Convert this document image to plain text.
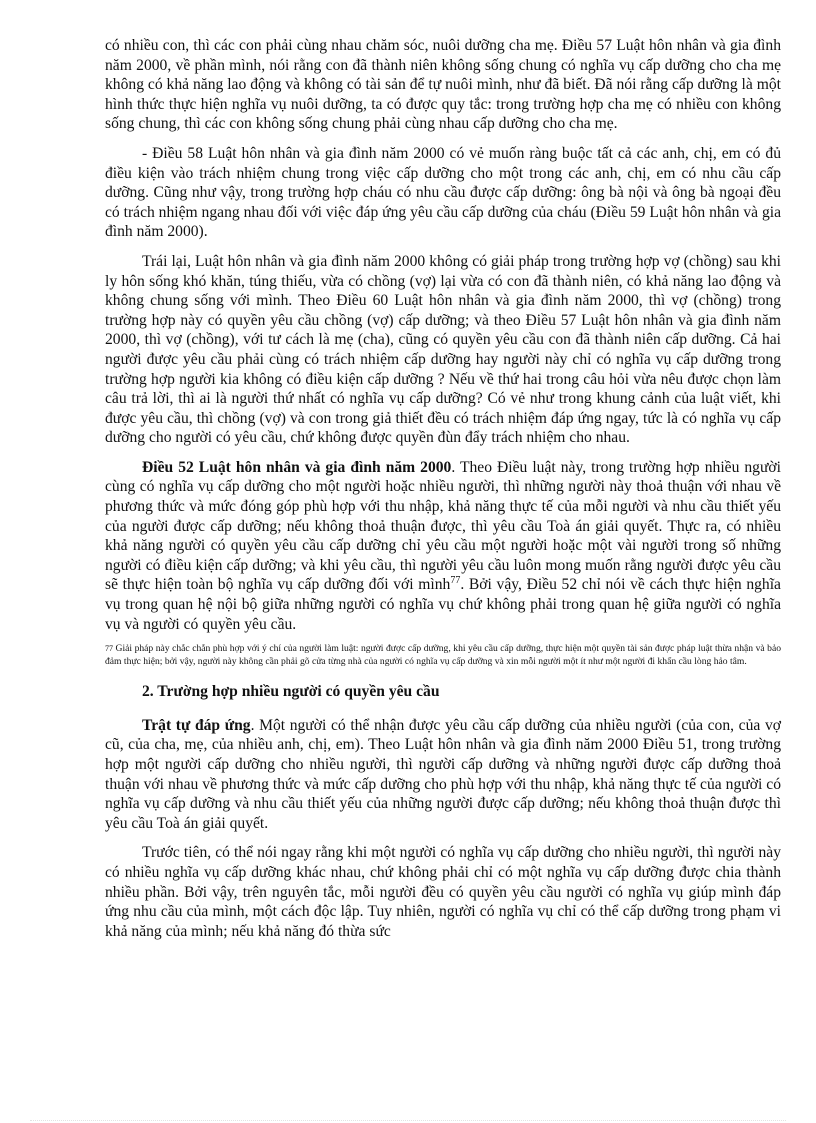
có nhiều con, thì các con phải cùng nhau chăm sóc, nuôi dưỡng cha mẹ. Điều 57 Luật hôn nhân và gia đình năm 2000, về phần mình, nói rằng con đã thành niên không sống chung có nghĩa vụ cấp dưỡng cho cha mẹ không có khả năng lao động và không có tài sản để tự nuôi mình, như đã biết. Đã nói rằng cấp dưỡng là một hình thức thực hiện nghĩa vụ nuôi dưỡng, ta có được quy tắc: trong trường hợp cha mẹ có nhiều con không sống chung, thì các con không sống chung phải cùng nhau cấp dưỡng cho cha mẹ.

- Điều 58 Luật hôn nhân và gia đình năm 2000 có vẻ muốn ràng buộc tất cả các anh, chị, em có đủ điều kiện vào trách nhiệm chung trong việc cấp dưỡng cho một trong các anh, chị, em có nhu cầu cấp dưỡng. Cũng như vậy, trong trường hợp cháu có nhu cầu được cấp dưỡng: ông bà nội và ông bà ngoại đều có trách nhiệm ngang nhau đối với việc đáp ứng yêu cầu cấp dưỡng của cháu (Điều 59 Luật hôn nhân và gia đình năm 2000).

Trái lại, Luật hôn nhân và gia đình năm 2000 không có giải pháp trong trường hợp vợ (chồng) sau khi ly hôn sống khó khăn, túng thiếu, vừa có chồng (vợ) lại vừa có con đã thành niên, có khả năng lao động và không chung sống với mình. Theo Điều 60 Luật hôn nhân và gia đình năm 2000, thì vợ (chồng) trong trường hợp này có quyền yêu cầu chồng (vợ) cấp dưỡng; và theo Điều 57 Luật hôn nhân và gia đình năm 2000, thì vợ (chồng), với tư cách là mẹ (cha), cũng có quyền yêu cầu con đã thành niên cấp dưỡng. Cả hai người được yêu cầu phải cùng có trách nhiệm cấp dưỡng hay người này chỉ có nghĩa vụ cấp dưỡng trong trường hợp người kia không có điều kiện cấp dưỡng ? Nếu về thứ hai trong câu hỏi vừa nêu được chọn làm câu trả lời, thì ai là người thứ nhất có nghĩa vụ cấp dưỡng? Có vẻ như trong khung cảnh của luật viết, khi được yêu cầu, thì chồng (vợ) và con trong giả thiết đều có trách nhiệm đáp ứng ngay, tức là có nghĩa vụ cấp dưỡng cho người có yêu cầu, chứ không được quyền đùn đẩy trách nhiệm cho nhau.

Điều 52 Luật hôn nhân và gia đình năm 2000. Theo Điều luật này, trong trường hợp nhiều người cùng có nghĩa vụ cấp dưỡng cho một người hoặc nhiều người, thì những người này thoả thuận với nhau về phương thức và mức đóng góp phù hợp với thu nhập, khả năng thực tế của mỗi người và nhu cầu thiết yếu của người được cấp dưỡng; nếu không thoả thuận được, thì yêu cầu Toà án giải quyết. Thực ra, có nhiều khả năng người có quyền yêu cầu cấp dưỡng chỉ yêu cầu một người hoặc một vài người trong số những người có điều kiện cấp dưỡng; và khi yêu cầu, thì người yêu cầu luôn mong muốn rằng người được yêu cầu sẽ thực hiện toàn bộ nghĩa vụ cấp dưỡng đối với mình$^{77}$. Bởi vậy, Điều 52 chỉ nói về cách thực hiện nghĩa vụ trong quan hệ nội bộ giữa những người có nghĩa vụ chứ không phải trong quan hệ giữa người có nghĩa vụ và người có quyền yêu cầu.

77 Giải pháp này chắc chắn phù hợp với ý chí của người làm luật: người được cấp dưỡng, khi yêu cầu cấp dưỡng, thực hiện một quyền tài sản được pháp luật thừa nhận và bảo đảm thực hiện; bởi vậy, người này không cần phải gõ cửa từng nhà của người có nghĩa vụ cấp dưỡng và xin mỗi người một ít như một người đi khẩn cầu lòng hảo tâm.

2. Trường hợp nhiều người có quyền yêu cầu

Trật tự đáp ứng. Một người có thể nhận được yêu cầu cấp dưỡng của nhiều người (của con, của vợ cũ, của cha, mẹ, của nhiều anh, chị, em). Theo Luật hôn nhân và gia đình năm 2000 Điều 51, trong trường hợp một người cấp dưỡng cho nhiều người, thì người cấp dưỡng và những người được cấp dưỡng thoả thuận với nhau về phương thức và mức cấp dưỡng cho phù hợp với thu nhập, khả năng thực tế của người có nghĩa vụ cấp dưỡng và nhu cầu thiết yếu của những người được cấp dưỡng; nếu không thoả thuận được thì yêu cầu Toà án giải quyết.

Trước tiên, có thể nói ngay rằng khi một người có nghĩa vụ cấp dưỡng cho nhiều người, thì người này có nhiều nghĩa vụ cấp dưỡng khác nhau, chứ không phải chỉ có một nghĩa vụ cấp dưỡng được chia thành nhiều phần. Bởi vậy, trên nguyên tắc, mỗi người đều có quyền yêu cầu người có nghĩa vụ giúp mình đáp ứng nhu cầu của mình, một cách độc lập. Tuy nhiên, người có nghĩa vụ chỉ có thể cấp dưỡng trong phạm vi khả năng của mình; nếu khả năng đó thừa sức
